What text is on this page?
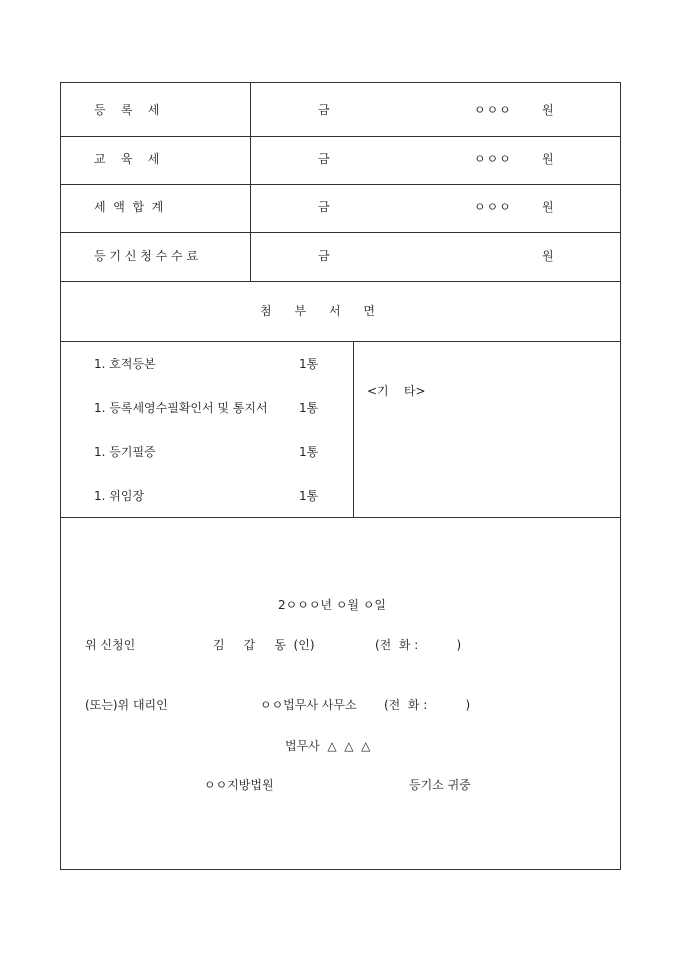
등    록    세	금	ㅇㅇㅇ	원
교    육    세	금	ㅇㅇㅇ	원
세  액  합  계	금	ㅇㅇㅇ	원
등 기 신 청 수 수 료	금	원
첨      부      서      면
1. 호적등본	1통
1. 등록세영수필확인서 및 통지서	1통
1. 등기필증	1통
1. 위임장	1통
<기    타>
2ㅇㅇㅇ년 ㅇ월 ㅇ일
위 신청인	김     갑     동  (인)	(전  화 :          )
(또는)위 대리인	ㅇㅇ법무사 사무소 (전  화 :          )
법무사  △  △  △
ㅇㅇ지방법원	등기소 귀중
